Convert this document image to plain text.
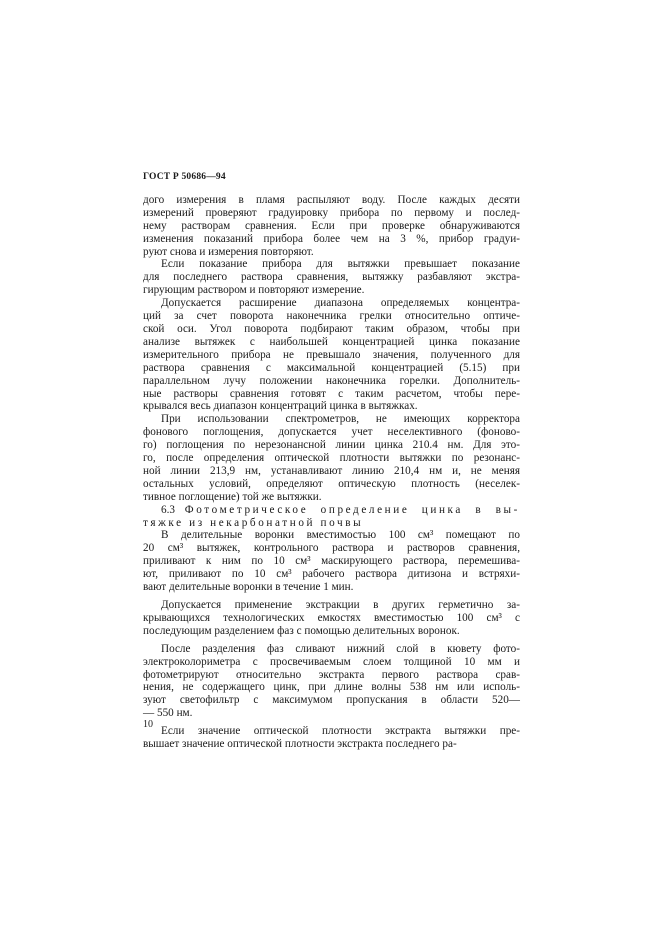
ГОСТ Р 50686—94
дого измерения в пламя распыляют воду. После каждых десяти
измерений проверяют градуировку прибора по первому и послед-
нему растворам сравнения. Если при проверке обнаруживаются
изменения показаний прибора более чем на 3 %, прибор градуи-
руют снова и измерения повторяют.
Если показание прибора для вытяжки превышает показание
для последнего раствора сравнения, вытяжку разбавляют экстра-
гирующим раствором и повторяют измерение.
Допускается расширение диапазона определяемых концентра-
ций за счет поворота наконечника грелки относительно оптиче-
ской оси. Угол поворота подбирают таким образом, чтобы при
анализе вытяжек с наибольшей концентрацией цинка показание
измерительного прибора не превышало значения, полученного для
раствора сравнения с максимальной концентрацией (5.15) при
параллельном лучу положении наконечника горелки. Дополнитель-
ные растворы сравнения готовят с таким расчетом, чтобы пере-
крывался весь диапазон концентраций цинка в вытяжках.
При использовании спектрометров, не имеющих корректора
фонового поглощения, допускается учет неселективного (фоново-
го) поглощения по нерезонансной линии цинка 210.4 нм. Для это-
го, после определения оптической плотности вытяжки по резонанс-
ной линии 213,9 нм, устанавливают линию 210,4 нм и, не меняя
остальных условий, определяют оптическую плотность (неселек-
тивное поглощение) той же вытяжки.
6.3 Фотометрическое определение цинка в вы-
тяжке из некарбонатной почвы
В делительные воронки вместимостью 100 см³ помещают по
20 см³ вытяжек, контрольного раствора и растворов сравнения,
приливают к ним по 10 см³ маскирующего раствора, перемешива-
ют, приливают по 10 см³ рабочего раствора дитизона и встряхи-
вают делительные воронки в течение 1 мин.
Допускается применение экстракции в других герметично за-
крывающихся технологических емкостях вместимостью 100 см³ с
последующим разделением фаз с помощью делительных воронок.
После разделения фаз сливают нижний слой в кювету фото-
электроколориметра с просвечиваемым слоем толщиной 10 мм и
фотометрируют относительно экстракта первого раствора срав-
нения, не содержащего цинк, при длине волны 538 нм или исполь-
зуют светофильтр с максимумом пропускания в области 520—
— 550 нм.
Если значение оптической плотности экстракта вытяжки пре-
вышает значение оптической плотности экстракта последнего ра-
10
